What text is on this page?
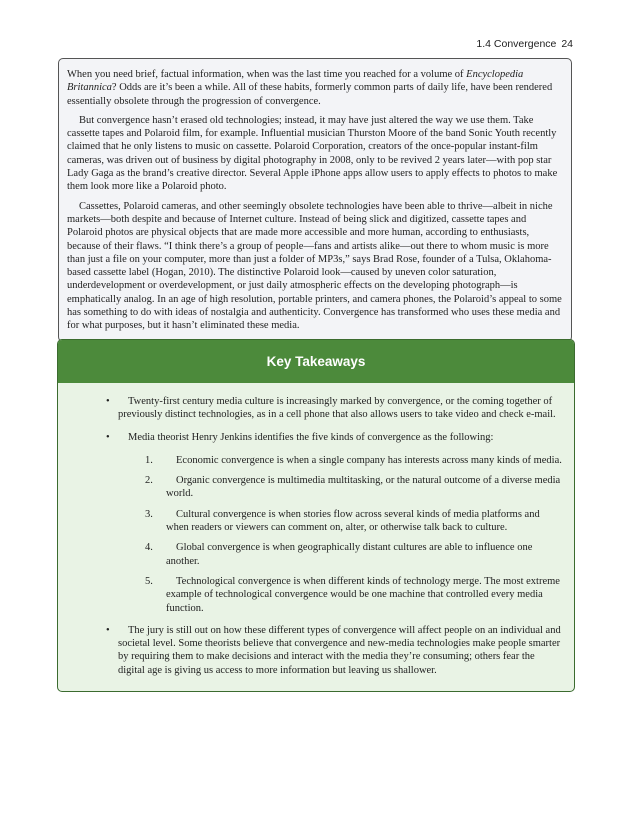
1.4 Convergence 24

When you need brief, factual information, when was the last time you reached for a volume of Encyclopedia Britannica? Odds are it’s been a while. All of these habits, formerly common parts of daily life, have been rendered essentially obsolete through the progression of convergence.

But convergence hasn’t erased old technologies; instead, it may have just altered the way we use them. Take cassette tapes and Polaroid film, for example. Influential musician Thurston Moore of the band Sonic Youth recently claimed that he only listens to music on cassette. Polaroid Corporation, creators of the once-popular instant-film cameras, was driven out of business by digital photography in 2008, only to be revived 2 years later—with pop star Lady Gaga as the brand’s creative director. Several Apple iPhone apps allow users to apply effects to photos to make them look more like a Polaroid photo.

Cassettes, Polaroid cameras, and other seemingly obsolete technologies have been able to thrive—albeit in niche markets—both despite and because of Internet culture. Instead of being slick and digitized, cassette tapes and Polaroid photos are physical objects that are made more accessible and more human, according to enthusiasts, because of their flaws. “I think there’s a group of people—fans and artists alike—out there to whom music is more than just a file on your computer, more than just a folder of MP3s,” says Brad Rose, founder of a Tulsa, Oklahoma-based cassette label (Hogan, 2010). The distinctive Polaroid look—caused by uneven color saturation, underdevelopment or overdevelopment, or just daily atmospheric effects on the developing photograph—is emphatically analog. In an age of high resolution, portable printers, and camera phones, the Polaroid’s appeal to some has something to do with ideas of nostalgia and authenticity. Convergence has transformed who uses these media and for what purposes, but it hasn’t eliminated these media.

Key Takeaways
•	Twenty-first century media culture is increasingly marked by convergence, or the coming together of previously distinct technologies, as in a cell phone that also allows users to take video and check e-mail.
•	Media theorist Henry Jenkins identifies the five kinds of convergence as the following:
1.	Economic convergence is when a single company has interests across many kinds of media.
2.	Organic convergence is multimedia multitasking, or the natural outcome of a diverse media world.
3.	Cultural convergence is when stories flow across several kinds of media platforms and when readers or viewers can comment on, alter, or otherwise talk back to culture.
4.	Global convergence is when geographically distant cultures are able to influence one another.
5.	Technological convergence is when different kinds of technology merge. The most extreme example of technological convergence would be one machine that controlled every media function.
•	The jury is still out on how these different types of convergence will affect people on an individual and societal level. Some theorists believe that convergence and new-media technologies make people smarter by requiring them to make decisions and interact with the media they’re consuming; others fear the digital age is giving us access to more information but leaving us shallower.
